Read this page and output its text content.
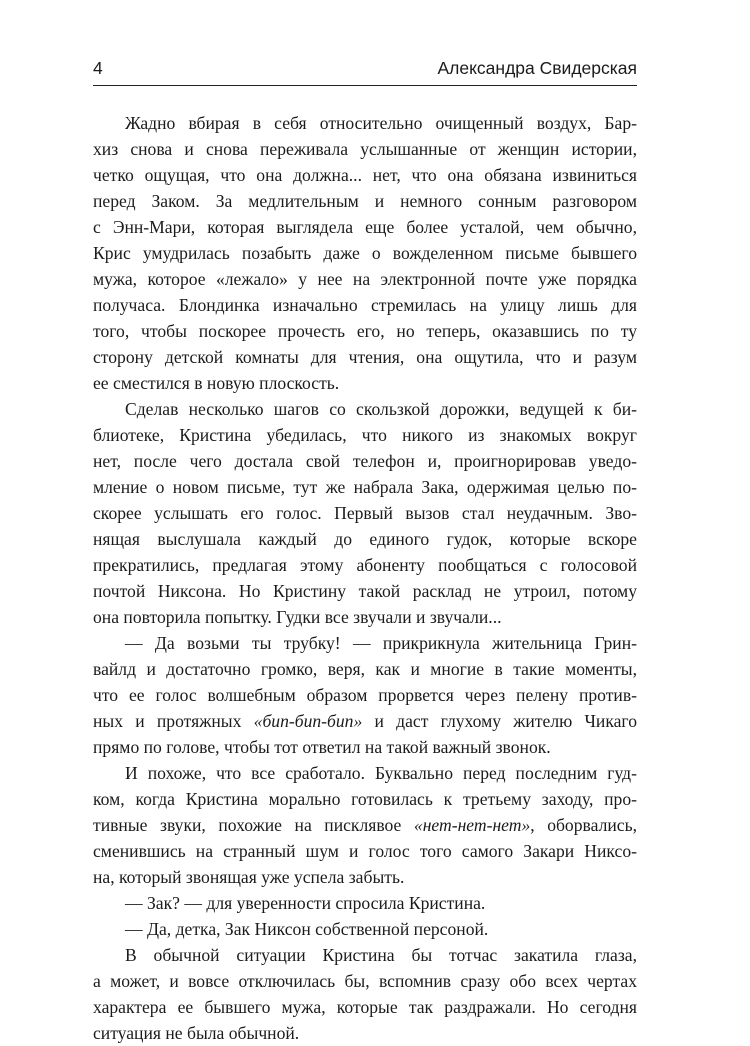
4	Александра Свидерская
Жадно вбирая в себя относительно очищенный воздух, Бар-
хиз снова и снова переживала услышанные от женщин истории,
четко ощущая, что она должна... нет, что она обязана извиниться
перед Заком. За медлительным и немного сонным разговором
с Энн-Мари, которая выглядела еще более усталой, чем обычно,
Крис умудрилась позабыть даже о вожделенном письме бывшего
мужа, которое «лежало» у нее на электронной почте уже порядка
получаса. Блондинка изначально стремилась на улицу лишь для
того, чтобы поскорее прочесть его, но теперь, оказавшись по ту
сторону детской комнаты для чтения, она ощутила, что и разум
ее сместился в новую плоскость.
Сделав несколько шагов со скользкой дорожки, ведущей к би-
блиотеке, Кристина убедилась, что никого из знакомых вокруг
нет, после чего достала свой телефон и, проигнорировав уведо-
мление о новом письме, тут же набрала Зака, одержимая целью по-
скорее услышать его голос. Первый вызов стал неудачным. Зво-
нящая выслушала каждый до единого гудок, которые вскоре
прекратились, предлагая этому абоненту пообщаться с голосовой
почтой Никсона. Но Кристину такой расклад не утроил, потому
она повторила попытку. Гудки все звучали и звучали...
— Да возьми ты трубку! — прикрикнула жительница Грин-
вайлд и достаточно громко, веря, как и многие в такие моменты,
что ее голос волшебным образом прорвется через пелену против-
ных и протяжных «бип-бип-бип» и даст глухому жителю Чикаго
прямо по голове, чтобы тот ответил на такой важный звонок.
И похоже, что все сработало. Буквально перед последним гуд-
ком, когда Кристина морально готовилась к третьему заходу, про-
тивные звуки, похожие на писклявое «нет-нет-нет», оборвались,
сменившись на странный шум и голос того самого Закари Никсо-
на, который звонящая уже успела забыть.
— Зак? — для уверенности спросила Кристина.
— Да, детка, Зак Никсон собственной персоной.
В обычной ситуации Кристина бы тотчас закатила глаза,
а может, и вовсе отключилась бы, вспомнив сразу обо всех чертах
характера ее бывшего мужа, которые так раздражали. Но сегодня
ситуация не была обычной.
